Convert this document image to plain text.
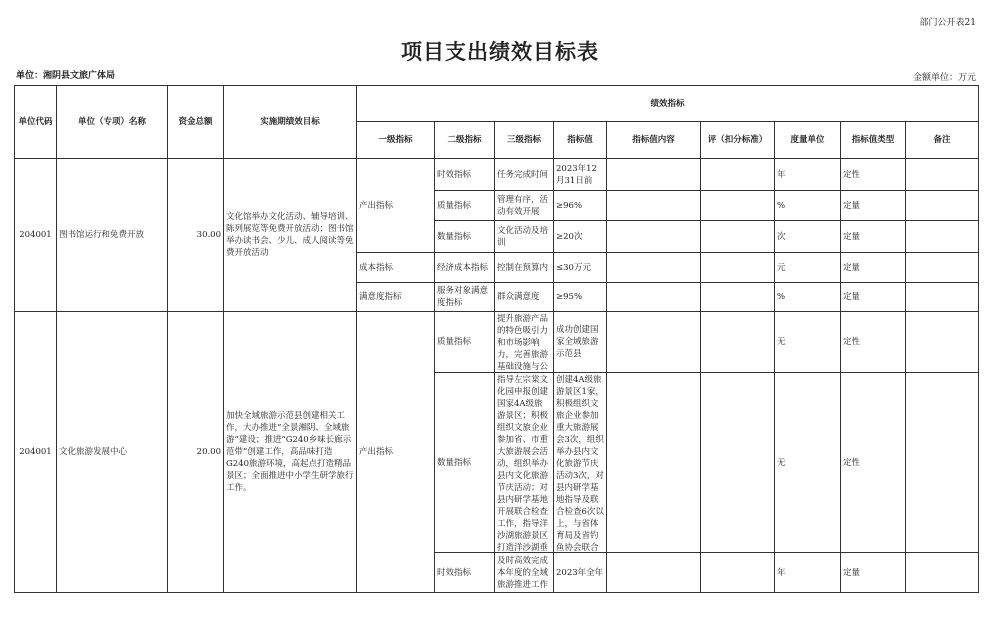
部门公开表21
项目支出绩效目标表
单位：湘阴县文旅广体局	金额单位：万元
单位代码	单位（专项）名称	资金总额	实施期绩效目标	绩效指标								
				一级指标	二级指标	三级指标	指标值	指标值内容	评（扣分标准）	度量单位	指标值类型	备注
204001	图书馆运行和免费开放	30.00	文化馆举办文化活动、辅导培训、陈列展览等免费开放活动；图书馆举办读书会、少儿、成人阅读等免费开放活动	产出指标	时效指标	任务完成时间	2023年12月31日前			年	定性	

					质量指标	管理有序，活动有效开展	≥96%			%	定量	

					数量指标	文化活动及培训	≥20次			次	定量	

				成本指标	经济成本指标	控制在预算内	≤30万元			元	定量	

				满意度指标	服务对象满意度指标	群众满意度	≥95%			%	定量	

204001	文化旅游发展中心	20.00	加快全域旅游示范县创建相关工作，大办推进“全景湘阴、全域旅游”建设；推进“G240乡味长廊示范带”创建工作，高品味打造G240旅游环境，高起点打造精品景区；全面推进中小学生研学旅行工作。	产出指标	质量指标	提升旅游产品的特色吸引力和市场影响力，完善旅游基础设施与公	成功创建国家全域旅游示范县			无	定性	

					数量指标	指导左宗棠文化园申报创建国家4A级旅游景区；积极组织文旅企业参加省、市重大旅游展会活动，组织举办县内文化旅游节庆活动；对县内研学基地开展联合检查工作，指导洋沙湖旅游景区打造洋沙湖垂	创建4A级旅游景区1家，积极组织文旅企业参加重大旅游展会3次，组织举办县内文化旅游节庆活动3次，对县内研学基地指导及联合检查6次以上，与省体育局及省钓鱼协会联合			无	定性	

					时效指标	及时高效完成本年度的全域旅游推进工作	2023年全年			年	定量	
